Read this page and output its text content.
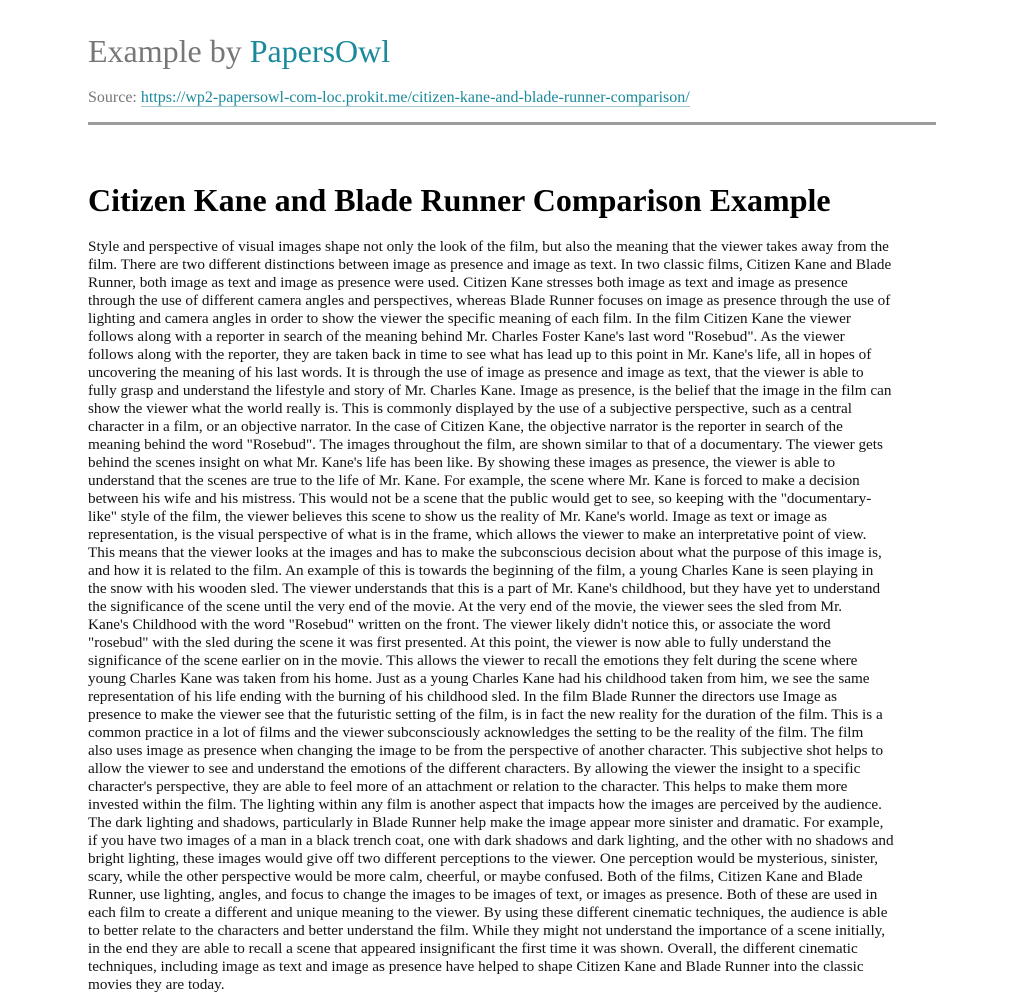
Example by PapersOwl
Source: https://wp2-papersowl-com-loc.prokit.me/citizen-kane-and-blade-runner-comparison/
Citizen Kane and Blade Runner Comparison Example

Style and perspective of visual images shape not only the look of the film, but also the meaning that the viewer takes away from the
film. There are two different distinctions between image as presence and image as text. In two classic films, Citizen Kane and Blade
Runner, both image as text and image as presence were used. Citizen Kane stresses both image as text and image as presence
through the use of different camera angles and perspectives, whereas Blade Runner focuses on image as presence through the use of
lighting and camera angles in order to show the viewer the specific meaning of each film. In the film Citizen Kane the viewer
follows along with a reporter in search of the meaning behind Mr. Charles Foster Kane's last word "Rosebud". As the viewer
follows along with the reporter, they are taken back in time to see what has lead up to this point in Mr. Kane's life, all in hopes of
uncovering the meaning of his last words. It is through the use of image as presence and image as text, that the viewer is able to
fully grasp and understand the lifestyle and story of Mr. Charles Kane. Image as presence, is the belief that the image in the film can
show the viewer what the world really is. This is commonly displayed by the use of a subjective perspective, such as a central
character in a film, or an objective narrator. In the case of Citizen Kane, the objective narrator is the reporter in search of the
meaning behind the word "Rosebud". The images throughout the film, are shown similar to that of a documentary. The viewer gets
behind the scenes insight on what Mr. Kane's life has been like. By showing these images as presence, the viewer is able to
understand that the scenes are true to the life of Mr. Kane. For example, the scene where Mr. Kane is forced to make a decision
between his wife and his mistress. This would not be a scene that the public would get to see, so keeping with the "documentary-
like" style of the film, the viewer believes this scene to show us the reality of Mr. Kane's world. Image as text or image as
representation, is the visual perspective of what is in the frame, which allows the viewer to make an interpretative point of view.
This means that the viewer looks at the images and has to make the subconscious decision about what the purpose of this image is,
and how it is related to the film. An example of this is towards the beginning of the film, a young Charles Kane is seen playing in
the snow with his wooden sled. The viewer understands that this is a part of Mr. Kane's childhood, but they have yet to understand
the significance of the scene until the very end of the movie. At the very end of the movie, the viewer sees the sled from Mr.
Kane's Childhood with the word "Rosebud" written on the front. The viewer likely didn't notice this, or associate the word
"rosebud" with the sled during the scene it was first presented. At this point, the viewer is now able to fully understand the
significance of the scene earlier on in the movie. This allows the viewer to recall the emotions they felt during the scene where
young Charles Kane was taken from his home. Just as a young Charles Kane had his childhood taken from him, we see the same
representation of his life ending with the burning of his childhood sled. In the film Blade Runner the directors use Image as
presence to make the viewer see that the futuristic setting of the film, is in fact the new reality for the duration of the film. This is a
common practice in a lot of films and the viewer subconsciously acknowledges the setting to be the reality of the film. The film
also uses image as presence when changing the image to be from the perspective of another character. This subjective shot helps to
allow the viewer to see and understand the emotions of the different characters. By allowing the viewer the insight to a specific
character's perspective, they are able to feel more of an attachment or relation to the character. This helps to make them more
invested within the film. The lighting within any film is another aspect that impacts how the images are perceived by the audience.
The dark lighting and shadows, particularly in Blade Runner help make the image appear more sinister and dramatic. For example,
if you have two images of a man in a black trench coat, one with dark shadows and dark lighting, and the other with no shadows and
bright lighting, these images would give off two different perceptions to the viewer. One perception would be mysterious, sinister,
scary, while the other perspective would be more calm, cheerful, or maybe confused. Both of the films, Citizen Kane and Blade
Runner, use lighting, angles, and focus to change the images to be images of text, or images as presence. Both of these are used in
each film to create a different and unique meaning to the viewer. By using these different cinematic techniques, the audience is able
to better relate to the characters and better understand the film. While they might not understand the importance of a scene initially,
in the end they are able to recall a scene that appeared insignificant the first time it was shown. Overall, the different cinematic
techniques, including image as text and image as presence have helped to shape Citizen Kane and Blade Runner into the classic
movies they are today.
